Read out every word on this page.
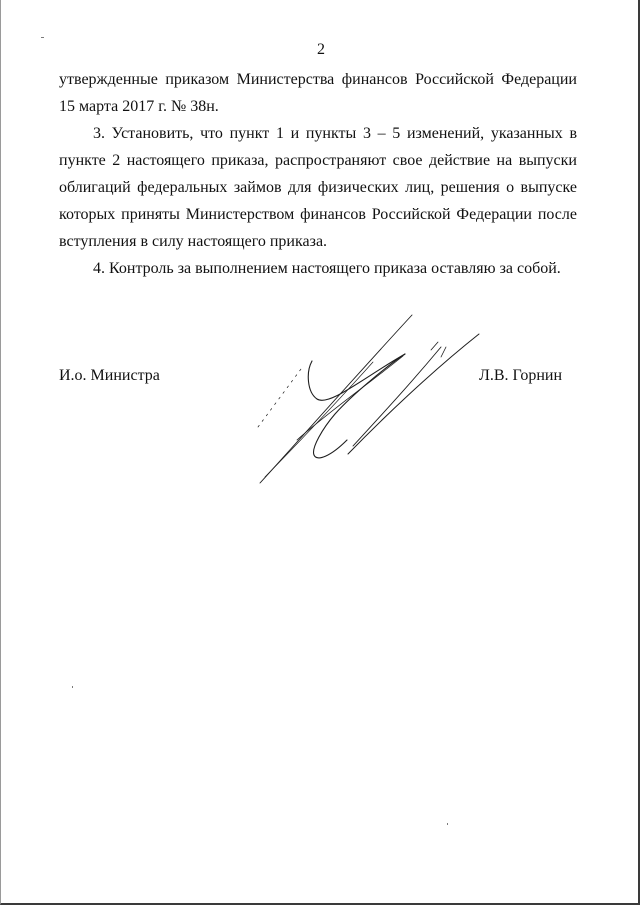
2
утвержденные приказом Министерства финансов Российской Федерации
15 марта 2017 г. № 38н.
3. Установить, что пункт 1 и пункты 3 – 5 изменений, указанных в
пункте 2 настоящего приказа, распространяют свое действие на выпуски
облигаций федеральных займов для физических лиц, решения о выпуске
которых приняты Министерством финансов Российской Федерации после
вступления в силу настоящего приказа.
4. Контроль за выполнением настоящего приказа оставляю за собой.
И.о. Министра	Л.В. Горнин
